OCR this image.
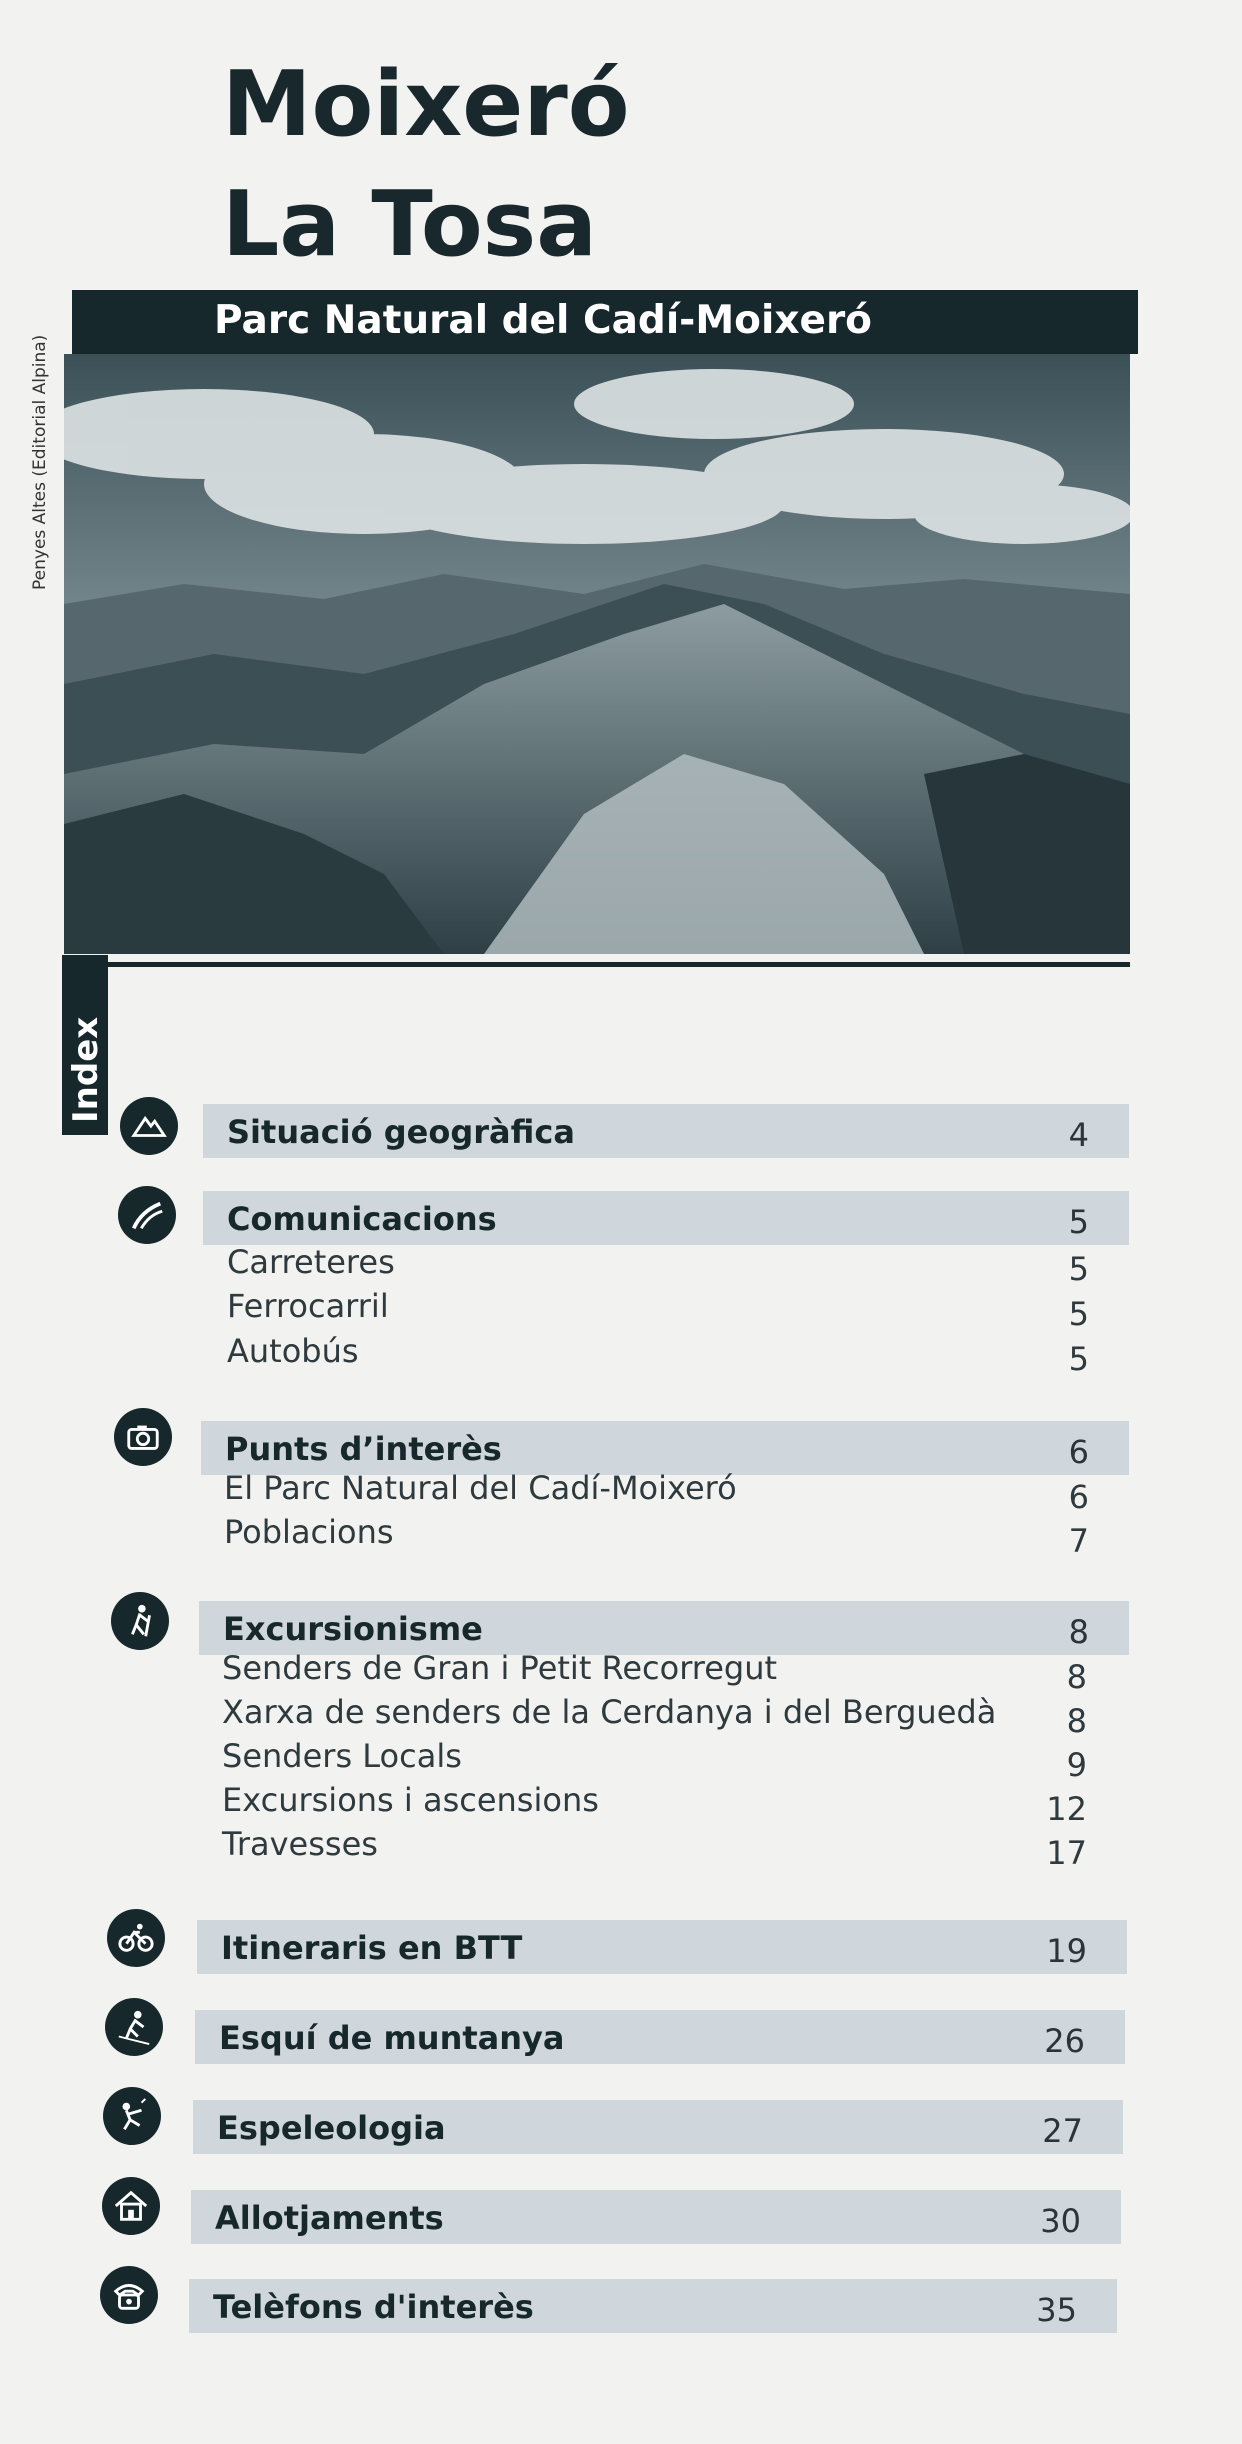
Moixeró
La Tosa
Parc Natural del Cadí-Moixeró
Penyes Altes (Editorial Alpina)
Index
Situació geogràfica	4
Comunicacions	5
Carreteres	5
Ferrocarril	5
Autobús	5
Punts d’interès	6
El Parc Natural del Cadí-Moixeró	6
Poblacions	7
Excursionisme	8
Senders de Gran i Petit Recorregut	8
Xarxa de senders de la Cerdanya i del Berguedà	8
Senders Locals	9
Excursions i ascensions	12
Travesses	17
Itineraris en BTT	19
Esquí de muntanya	26
Espeleologia	27
Allotjaments	30
Telèfons d'interès	35
